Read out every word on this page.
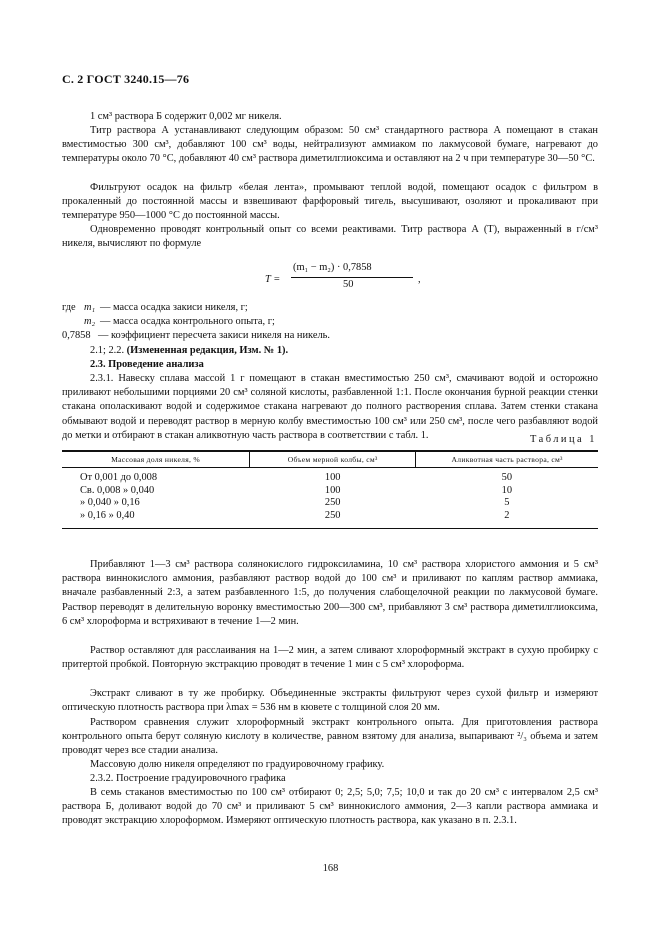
С. 2 ГОСТ 3240.15—76
1 см³ раствора Б содержит 0,002 мг никеля.
Титр раствора А устанавливают следующим образом: 50 см³ стандартного раствора А помещают в стакан вместимостью 300 см³, добавляют 100 см³ воды, нейтрализуют аммиаком по лакмусовой бумаге, нагревают до температуры около 70 °С, добавляют 40 см³ раствора диметилглиоксима и оставляют на 2 ч при температуре 30—50 °С.
Фильтруют осадок на фильтр «белая лента», промывают теплой водой, помещают осадок с фильтром в прокаленный до постоянной массы и взвешивают фарфоровый тигель, высушивают, озоляют и прокаливают при температуре 950—1000 °С до постоянной массы.
Одновременно проводят контрольный опыт со всеми реактивами. Титр раствора А (T), выраженный в г/см³ никеля, вычисляют по формуле
T =
(m₁ − m₂) · 0,7858
50	,
где m₁ — масса осадка закиси никеля, г;
m₂ — масса осадка контрольного опыта, г;
0,7858 — коэффициент пересчета закиси никеля на никель.
2.1; 2.2. (Измененная редакция, Изм. № 1).
2.3. Проведение анализа
2.3.1. Навеску сплава массой 1 г помещают в стакан вместимостью 250 см³, смачивают водой и осторожно приливают небольшими порциями 20 см³ соляной кислоты, разбавленной 1:1. После окончания бурной реакции стенки стакана ополаскивают водой и содержимое стакана нагревают до полного растворения сплава. Затем стенки стакана обмывают водой и переводят раствор в мерную колбу вместимостью 100 см³ или 250 см³, после чего разбавляют водой до метки и отбирают в стакан аликвотную часть раствора в соответствии с табл. 1.	Таблица 1
Массовая доля никеля, %	Объем мерной колбы, см³	Аликвотная часть раствора, см³
От 0,001 до 0,008	100	50
Св. 0,008 » 0,040	100	10
» 0,040 » 0,16	250	5
» 0,16 » 0,40	250	2
Прибавляют 1—3 см³ раствора солянокислого гидроксиламина, 10 см³ раствора хлористого аммония и 5 см³ раствора виннокислого аммония, разбавляют раствор водой до 100 см³ и приливают по каплям раствор аммиака, вначале разбавленный 2:3, а затем разбавленного 1:5, до получения слабощелочной реакции по лакмусовой бумаге. Раствор переводят в делительную воронку вместимостью 200—300 см³, прибавляют 3 см³ раствора диметилглиоксима, 6 см³ хлороформа и встряхивают в течение 1—2 мин.
Раствор оставляют для расслаивания на 1—2 мин, а затем сливают хлороформный экстракт в сухую пробирку с притертой пробкой. Повторную экстракцию проводят в течение 1 мин с 5 см³ хлороформа.
Экстракт сливают в ту же пробирку. Объединенные экстракты фильтруют через сухой фильтр и измеряют оптическую плотность раствора при λmax = 536 нм в кювете с толщиной слоя 20 мм.
Раствором сравнения служит хлороформный экстракт контрольного опыта. Для приготовления раствора контрольного опыта берут соляную кислоту в количестве, равном взятому для анализа, выпаривают ²/₃ объема и затем проводят через все стадии анализа.
Массовую долю никеля определяют по градуировочному графику.
2.3.2. Построение градуировочного графика
В семь стаканов вместимостью по 100 см³ отбирают 0; 2,5; 5,0; 7,5; 10,0 и так до 20 см³ с интервалом 2,5 см³ раствора Б, доливают водой до 70 см³ и приливают 5 см³ виннокислого аммония, 2—3 капли раствора аммиака и проводят экстракцию хлороформом. Измеряют оптическую плотность раствора, как указано в п. 2.3.1.
168
